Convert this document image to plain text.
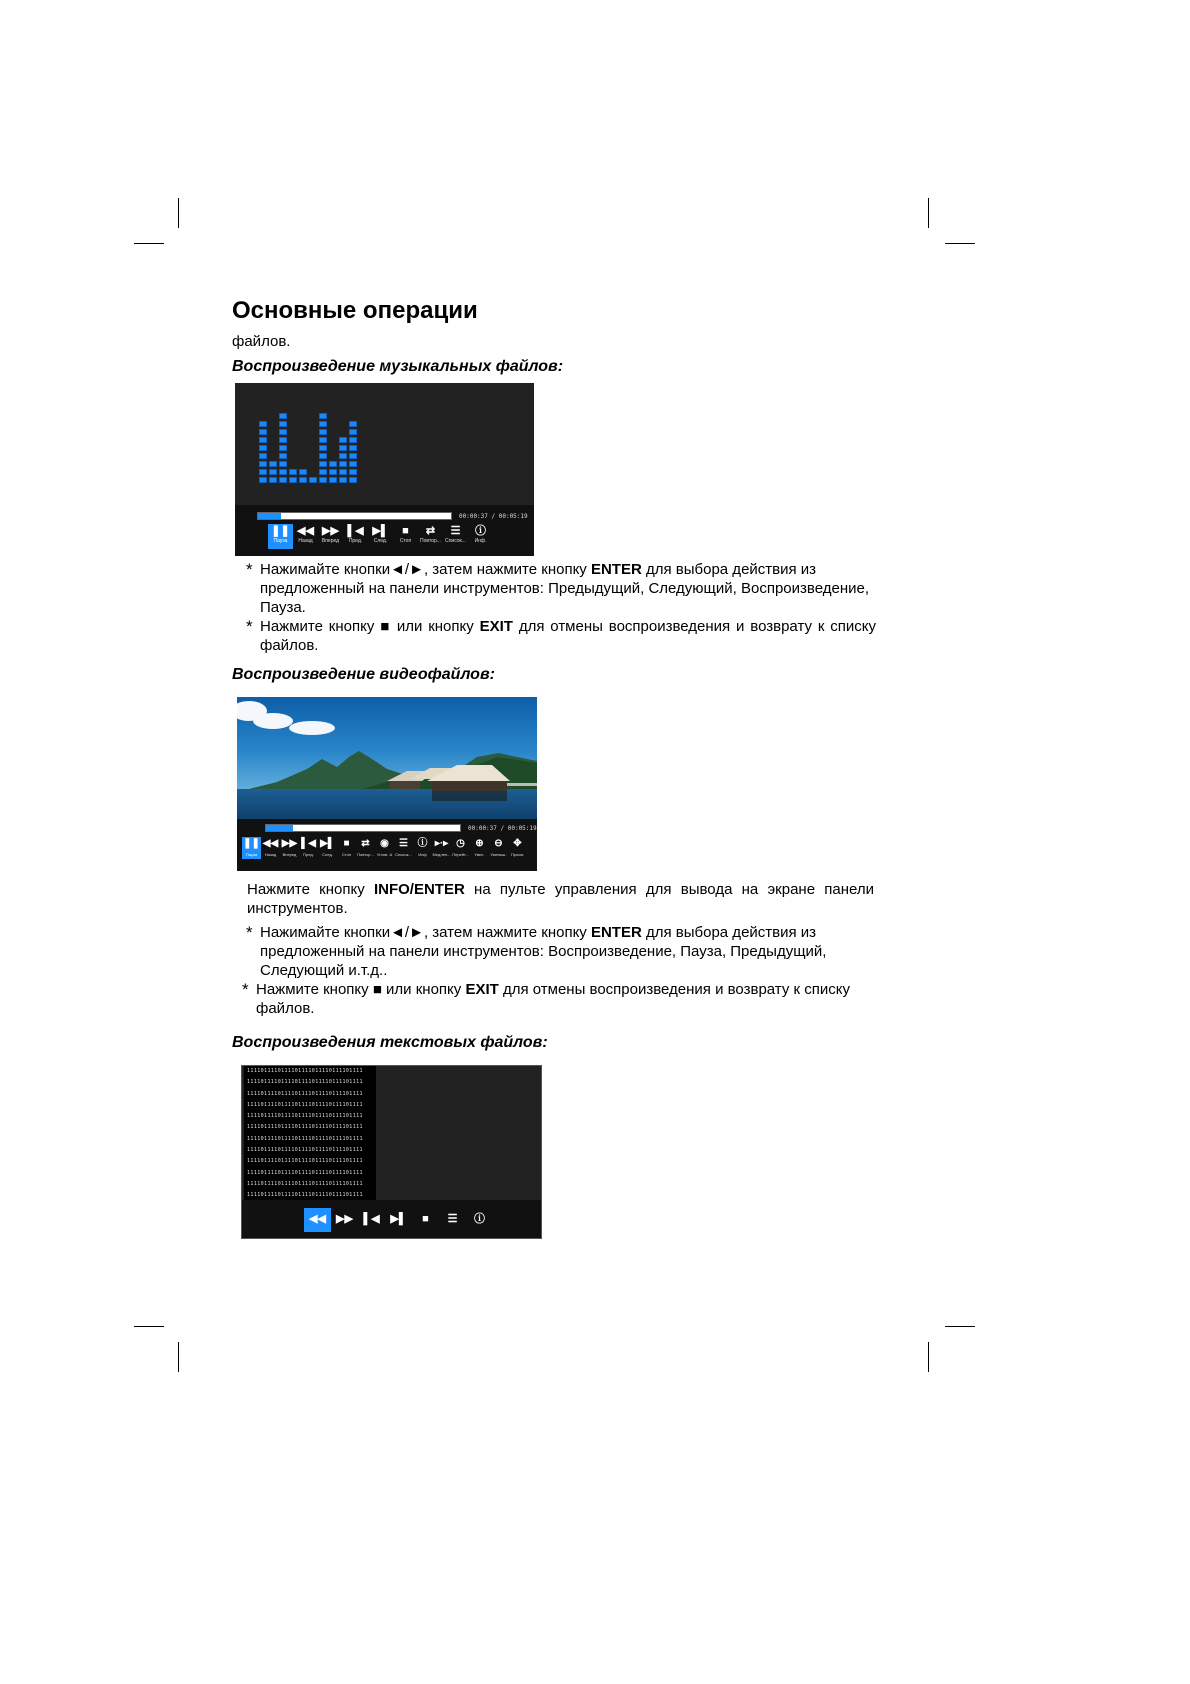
Основные операции
файлов.
Воспроизведение музыкальных файлов:
00:00:37 / 00:05:19
❚❚
Пауза
◀◀
Назад
▶▶
Вперед
▌◀
Пред.
▶▌
След.
■
Стоп
⇄
Повтор...
☰
Список...
ⓘ
Инф.
* Нажимайте кнопки◄/►, затем нажмите кнопку ENTER для выбора действия из предложенный на панели инструментов: Предыдущий, Следующий, Воспроизведение, Пауза.
* Нажмите кнопку ■ или кнопку EXIT для отмены воспроизведения и возврату к списку файлов.
Воспроизведение видеофайлов:
00:00:37 / 00:05:19
❚❚
Пауза
◀◀
Назад
▶▶
Вперед
▌◀
Пред.
▶▌
След.
■
Стоп
⇄
Повтор...
◉
Углов. А
☰
Список...
ⓘ
Инф
▸·▸
Медлен...
◷
Перейт...
⊕
Увел.
⊖
Уменьш.
✥
Просм.
Нажмите кнопку INFO/ENTER на пульте управления для вывода на экране панели инструментов.
* Нажимайте кнопки◄/►, затем нажмите кнопку ENTER для выбора действия из предложенный на панели инструментов: Воспроизведение, Пауза, Предыдущий, Следующий и.т.д..
* Нажмите кнопку ■ или кнопку EXIT для отмены воспроизведения и возврату к списку файлов.
Воспроизведения текстовых файлов:
1111011110111101111011110111101111
1111011110111101111011110111101111
1111011110111101111011110111101111
1111011110111101111011110111101111
1111011110111101111011110111101111
1111011110111101111011110111101111
1111011110111101111011110111101111
1111011110111101111011110111101111
1111011110111101111011110111101111
1111011110111101111011110111101111
1111011110111101111011110111101111
1111011110111101111011110111101111
◀◀ ▶▶ ▌◀ ▶▌ ■ ☰ ⓘ
